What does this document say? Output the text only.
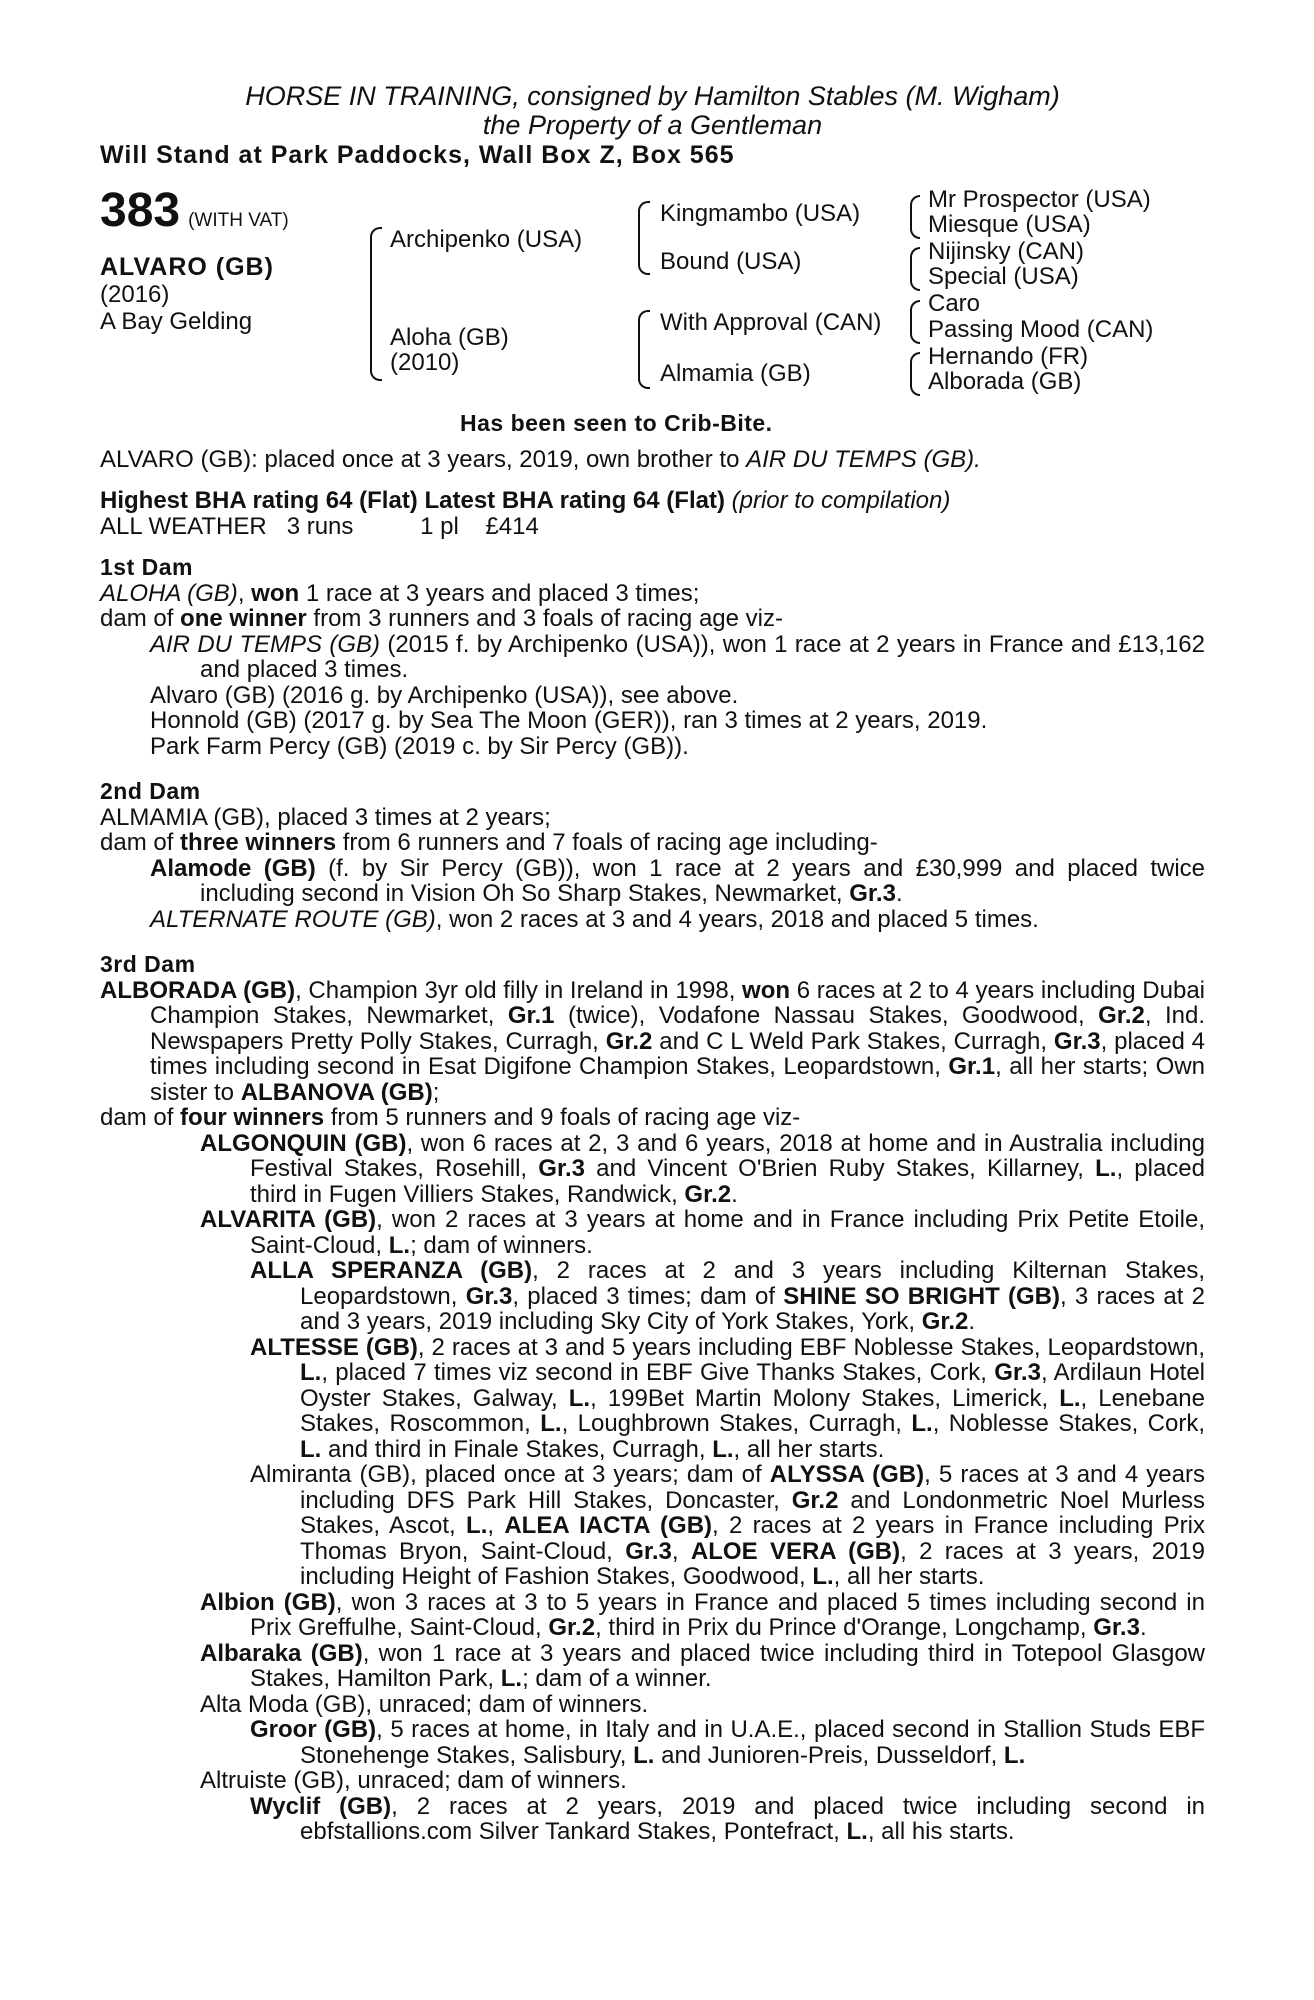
HORSE IN TRAINING, consigned by Hamilton Stables (M. Wigham)
the Property of a Gentleman
Will Stand at Park Paddocks, Wall Box Z, Box 565
383 (WITH VAT)
ALVARO (GB)
(2016)
A Bay Gelding
Archipenko (USA)
Aloha (GB)
(2010)
Kingmambo (USA)
Bound (USA)
With Approval (CAN)
Almamia (GB)
Mr Prospector (USA)
Miesque (USA)
Nijinsky (CAN)
Special (USA)
Caro
Passing Mood (CAN)
Hernando (FR)
Alborada (GB)
Has been seen to Crib-Bite.

ALVARO (GB): placed once at 3 years, 2019, own brother to AIR DU TEMPS (GB).

Highest BHA rating 64 (Flat) Latest BHA rating 64 (Flat) (prior to compilation)

ALL WEATHER   3 runs          1 pl    £414

1st Dam

ALOHA (GB), won 1 race at 3 years and placed 3 times;

dam of one winner from 3 runners and 3 foals of racing age viz-

AIR DU TEMPS (GB) (2015 f. by Archipenko (USA)), won 1 race at 2 years in France and £13,162 and placed 3 times.

Alvaro (GB) (2016 g. by Archipenko (USA)), see above.

Honnold (GB) (2017 g. by Sea The Moon (GER)), ran 3 times at 2 years, 2019.

Park Farm Percy (GB) (2019 c. by Sir Percy (GB)).

2nd Dam

ALMAMIA (GB), placed 3 times at 2 years;

dam of three winners from 6 runners and 7 foals of racing age including-

Alamode (GB) (f. by Sir Percy (GB)), won 1 race at 2 years and £30,999 and placed twice including second in Vision Oh So Sharp Stakes, Newmarket, Gr.3.

ALTERNATE ROUTE (GB), won 2 races at 3 and 4 years, 2018 and placed 5 times.

3rd Dam

ALBORADA (GB), Champion 3yr old filly in Ireland in 1998, won 6 races at 2 to 4 years including Dubai Champion Stakes, Newmarket, Gr.1 (twice), Vodafone Nassau Stakes, Goodwood, Gr.2, Ind. Newspapers Pretty Polly Stakes, Curragh, Gr.2 and C L Weld Park Stakes, Curragh, Gr.3, placed 4 times including second in Esat Digifone Champion Stakes, Leopardstown, Gr.1, all her starts; Own sister to ALBANOVA (GB);

dam of four winners from 5 runners and 9 foals of racing age viz-

ALGONQUIN (GB), won 6 races at 2, 3 and 6 years, 2018 at home and in Australia including Festival Stakes, Rosehill, Gr.3 and Vincent O'Brien Ruby Stakes, Killarney, L., placed third in Fugen Villiers Stakes, Randwick, Gr.2.

ALVARITA (GB), won 2 races at 3 years at home and in France including Prix Petite Etoile, Saint-Cloud, L.; dam of winners.

ALLA SPERANZA (GB), 2 races at 2 and 3 years including Kilternan Stakes, Leopardstown, Gr.3, placed 3 times; dam of SHINE SO BRIGHT (GB), 3 races at 2 and 3 years, 2019 including Sky City of York Stakes, York, Gr.2.

ALTESSE (GB), 2 races at 3 and 5 years including EBF Noblesse Stakes, Leopardstown, L., placed 7 times viz second in EBF Give Thanks Stakes, Cork, Gr.3, Ardilaun Hotel Oyster Stakes, Galway, L., 199Bet Martin Molony Stakes, Limerick, L., Lenebane Stakes, Roscommon, L., Loughbrown Stakes, Curragh, L., Noblesse Stakes, Cork, L. and third in Finale Stakes, Curragh, L., all her starts.

Almiranta (GB), placed once at 3 years; dam of ALYSSA (GB), 5 races at 3 and 4 years including DFS Park Hill Stakes, Doncaster, Gr.2 and Londonmetric Noel Murless Stakes, Ascot, L., ALEA IACTA (GB), 2 races at 2 years in France including Prix Thomas Bryon, Saint-Cloud, Gr.3, ALOE VERA (GB), 2 races at 3 years, 2019 including Height of Fashion Stakes, Goodwood, L., all her starts.

Albion (GB), won 3 races at 3 to 5 years in France and placed 5 times including second in Prix Greffulhe, Saint-Cloud, Gr.2, third in Prix du Prince d'Orange, Longchamp, Gr.3.

Albaraka (GB), won 1 race at 3 years and placed twice including third in Totepool Glasgow Stakes, Hamilton Park, L.; dam of a winner.

Alta Moda (GB), unraced; dam of winners.

Groor (GB), 5 races at home, in Italy and in U.A.E., placed second in Stallion Studs EBF Stonehenge Stakes, Salisbury, L. and Junioren-Preis, Dusseldorf, L.

Altruiste (GB), unraced; dam of winners.

Wyclif (GB), 2 races at 2 years, 2019 and placed twice including second in ebfstallions.com Silver Tankard Stakes, Pontefract, L., all his starts.
